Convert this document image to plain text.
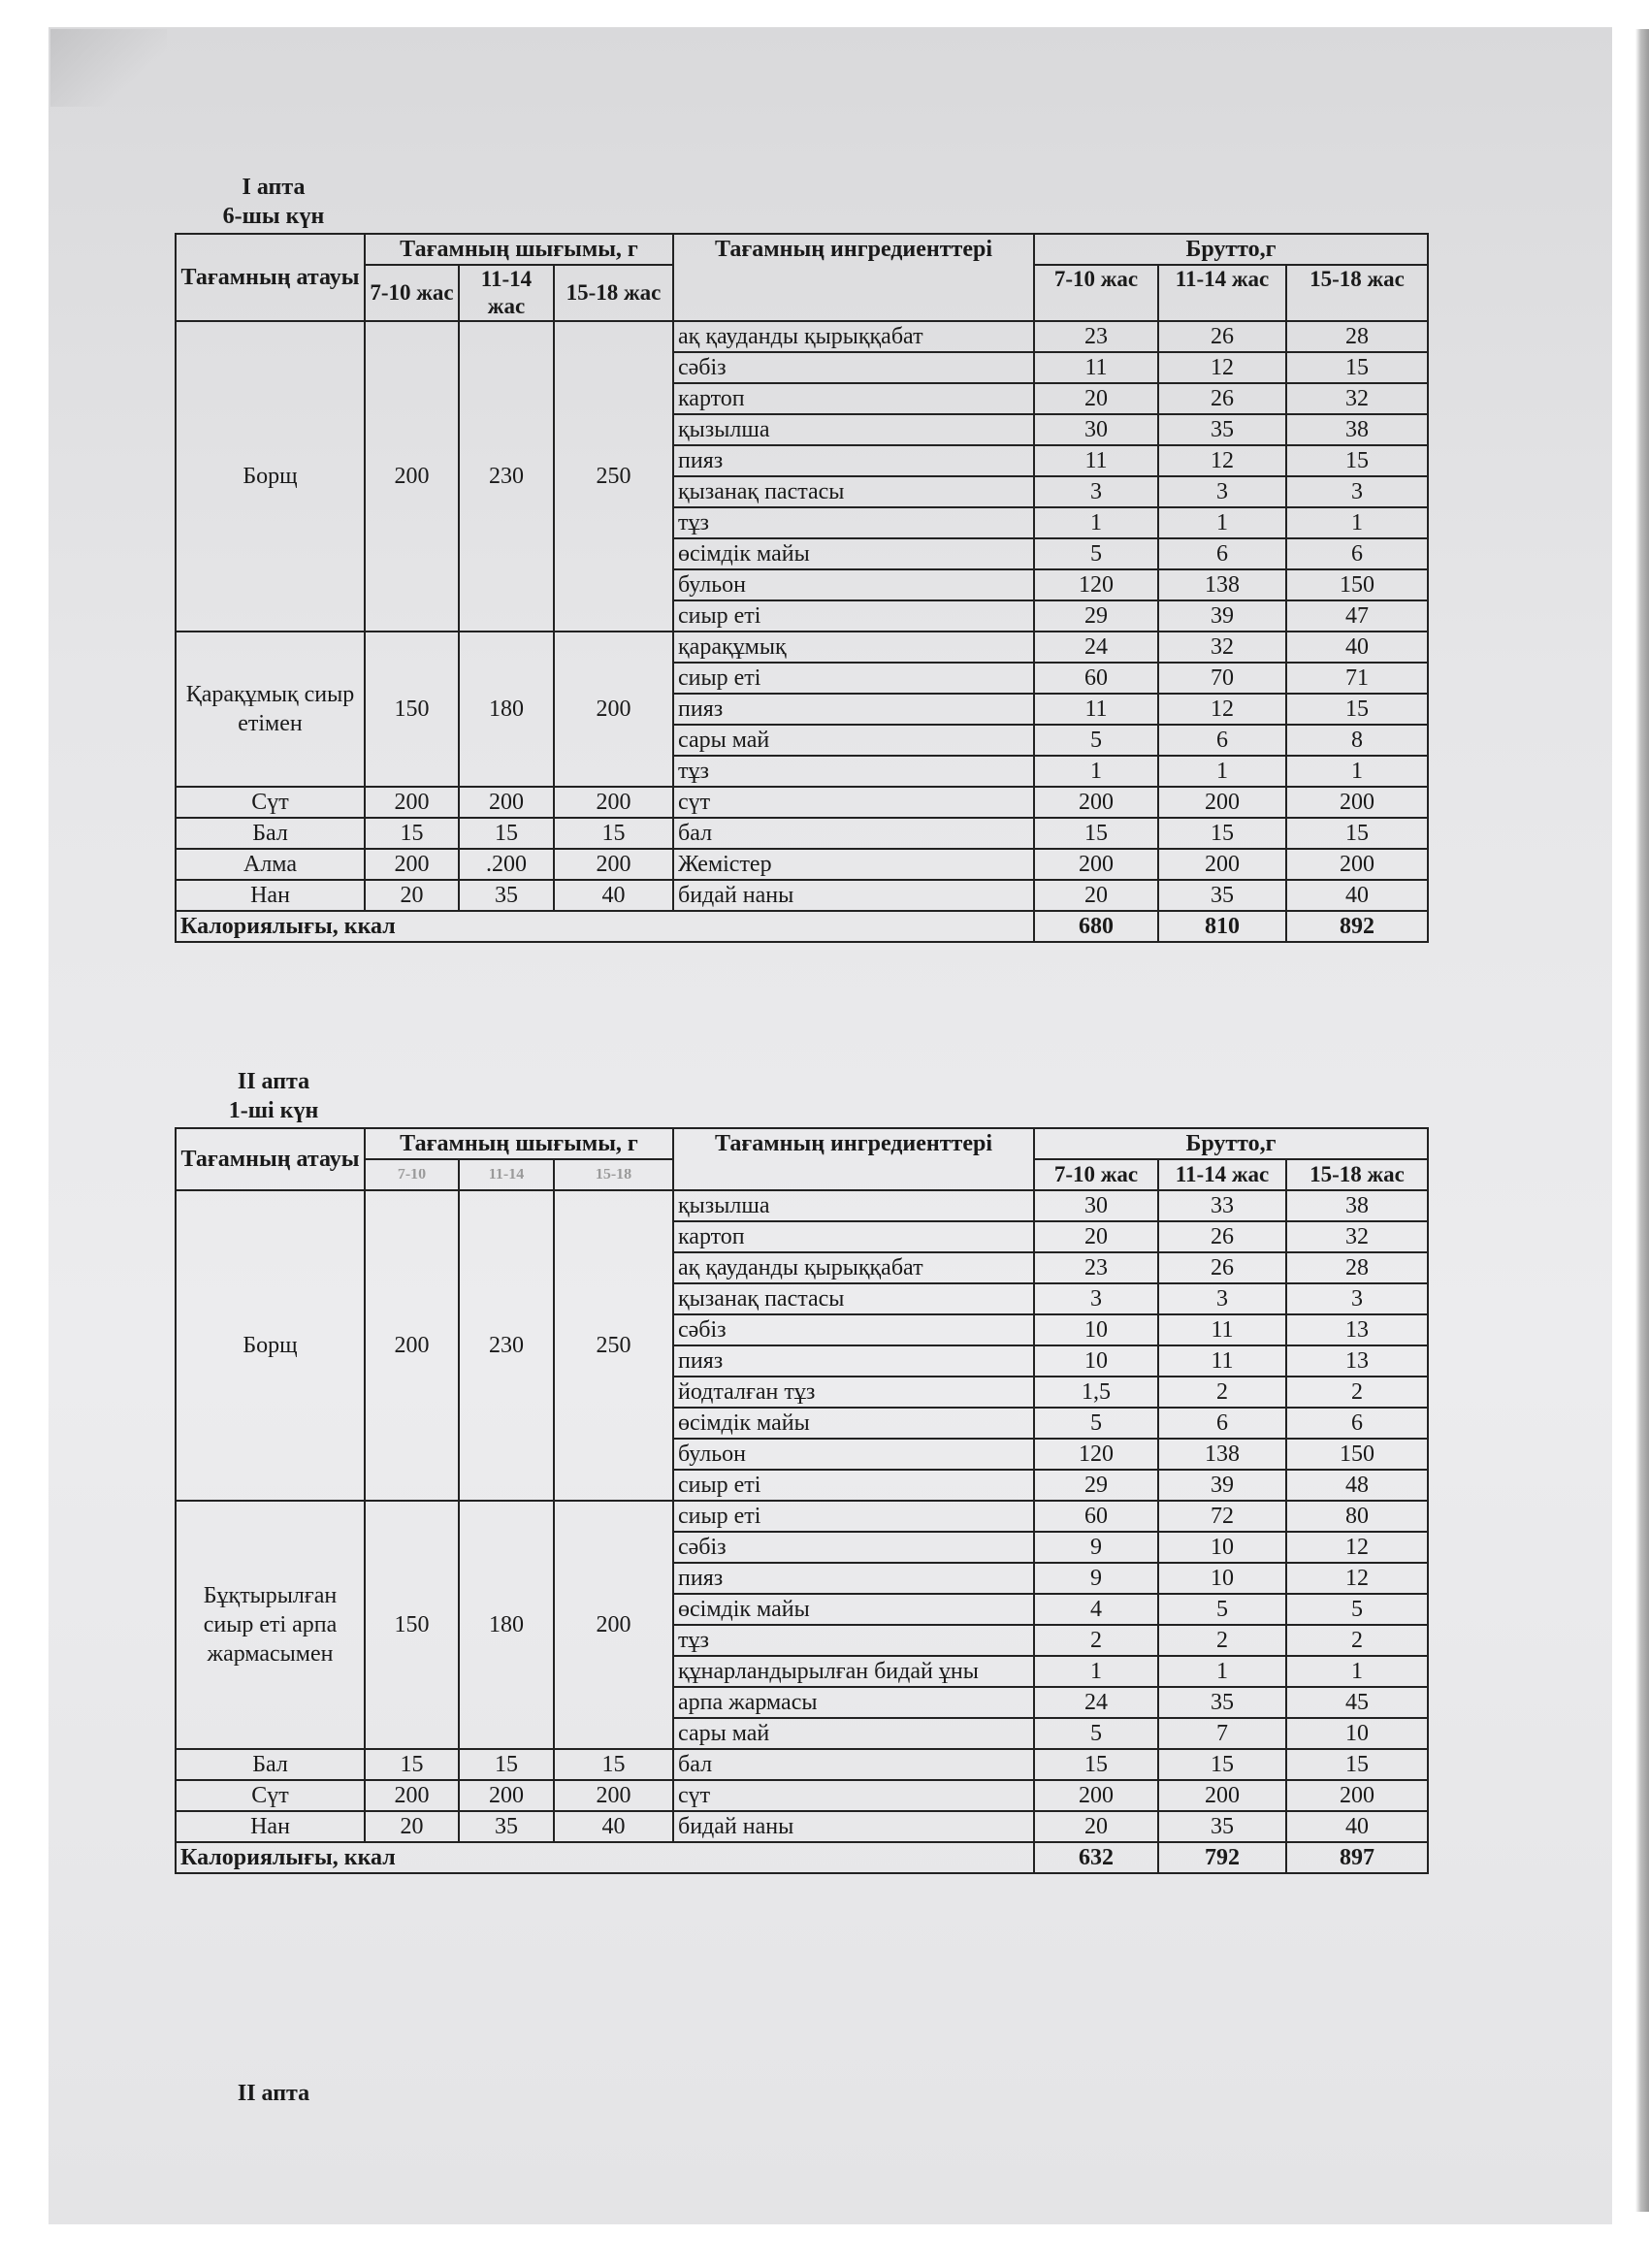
І апта
6-шы күн
Тағамның атауы	Тағамның шығымы, г			Тағамның ингредиенттері	Брутто,г		
	7-10 жас	11-14 жас	15-18 жас		7-10 жас	11-14 жас	15-18 жас
Борщ	200	230	250	ақ қауданды қырыққабат	23	26	28
				сәбіз	11	12	15
				картоп	20	26	32
				қызылша	30	35	38
				пияз	11	12	15
				қызанақ пастасы	3	3	3
				тұз	1	1	1
				өсімдік майы	5	6	6
				бульон	120	138	150
				сиыр еті	29	39	47
Қарақұмық сиыр етімен	150	180	200	қарақұмық	24	32	40
				сиыр еті	60	70	71
				пияз	11	12	15
				сары май	5	6	8
				тұз	1	1	1
Сүт	200	200	200	сүт	200	200	200
Бал	15	15	15	бал	15	15	15
Алма	200	.200	200	Жемістер	200	200	200
Нан	20	35	40	бидай наны	20	35	40
Калориялығы, ккал					680	810	892
ІІ апта
1-ші күн
Тағамның атауы	Тағамның шығымы, г			Тағамның ингредиенттері	Брутто,г		

	7-10	11-14	15-18		7-10 жас	11-14 жас	15-18 жас
Борщ	200	230	250	қызылша	30	33	38
				картоп	20	26	32
				ақ қауданды қырыққабат	23	26	28
				қызанақ пастасы	3	3	3
				сәбіз	10	11	13
				пияз	10	11	13
				йодталған тұз	1,5	2	2
				өсімдік майы	5	6	6
				бульон	120	138	150
				сиыр еті	29	39	48
Бұқтырылған сиыр еті арпа жармасымен	150	180	200	сиыр еті	60	72	80
				сәбіз	9	10	12
				пияз	9	10	12
				өсімдік майы	4	5	5
				тұз	2	2	2
				құнарландырылған бидай ұны	1	1	1
				арпа жармасы	24	35	45
				сары май	5	7	10
Бал	15	15	15	бал	15	15	15
Сүт	200	200	200	сүт	200	200	200
Нан	20	35	40	бидай наны	20	35	40
Калориялығы, ккал					632	792	897
ІІ апта
